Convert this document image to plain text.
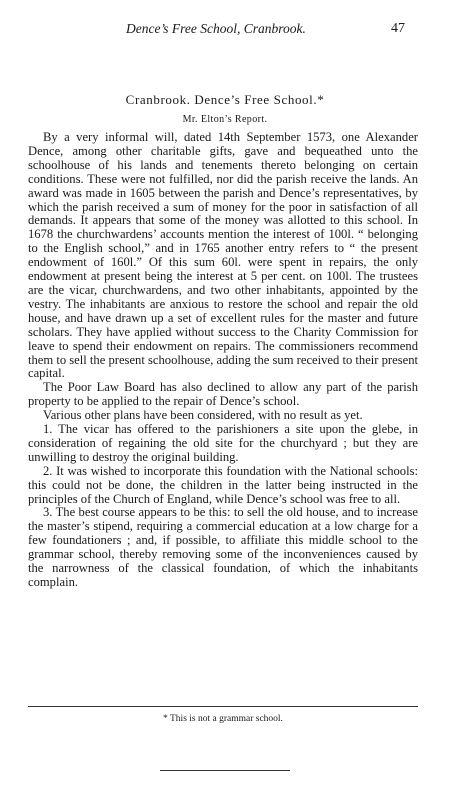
Dence’s Free School, Cranbrook.	47
Cranbrook. Dence’s Free School.*
Mr. Elton’s Report.

By a very informal will, dated 14th September 1573, one Alexander Dence, among other charitable gifts, gave and bequeathed unto the schoolhouse of his lands and tenements thereto belonging on certain conditions. These were not fulfilled, nor did the parish receive the lands. An award was made in 1605 between the parish and Dence’s representatives, by which the parish received a sum of money for the poor in satisfaction of all demands. It appears that some of the money was allotted to this school. In 1678 the churchwardens’ accounts mention the interest of 100l. “ belonging to the English school,” and in 1765 another entry refers to “ the present endowment of 160l.” Of this sum 60l. were spent in repairs, the only endowment at present being the interest at 5 per cent. on 100l. The trustees are the vicar, churchwardens, and two other inhabitants, appointed by the vestry. The inhabitants are anxious to restore the school and repair the old house, and have drawn up a set of excellent rules for the master and future scholars. They have applied without success to the Charity Commission for leave to spend their endowment on repairs. The commissioners recommend them to sell the present schoolhouse, adding the sum received to their present capital.

The Poor Law Board has also declined to allow any part of the parish property to be applied to the repair of Dence’s school.

Various other plans have been considered, with no result as yet.

1. The vicar has offered to the parishioners a site upon the glebe, in consideration of regaining the old site for the churchyard ; but they are unwilling to destroy the original building.

2. It was wished to incorporate this foundation with the National schools: this could not be done, the children in the latter being instructed in the principles of the Church of England, while Dence’s school was free to all.

3. The best course appears to be this: to sell the old house, and to increase the master’s stipend, requiring a commercial education at a low charge for a few foundationers ; and, if possible, to affiliate this middle school to the grammar school, thereby removing some of the inconveniences caused by the narrowness of the classical foundation, of which the inhabitants complain.

* This is not a grammar school.
